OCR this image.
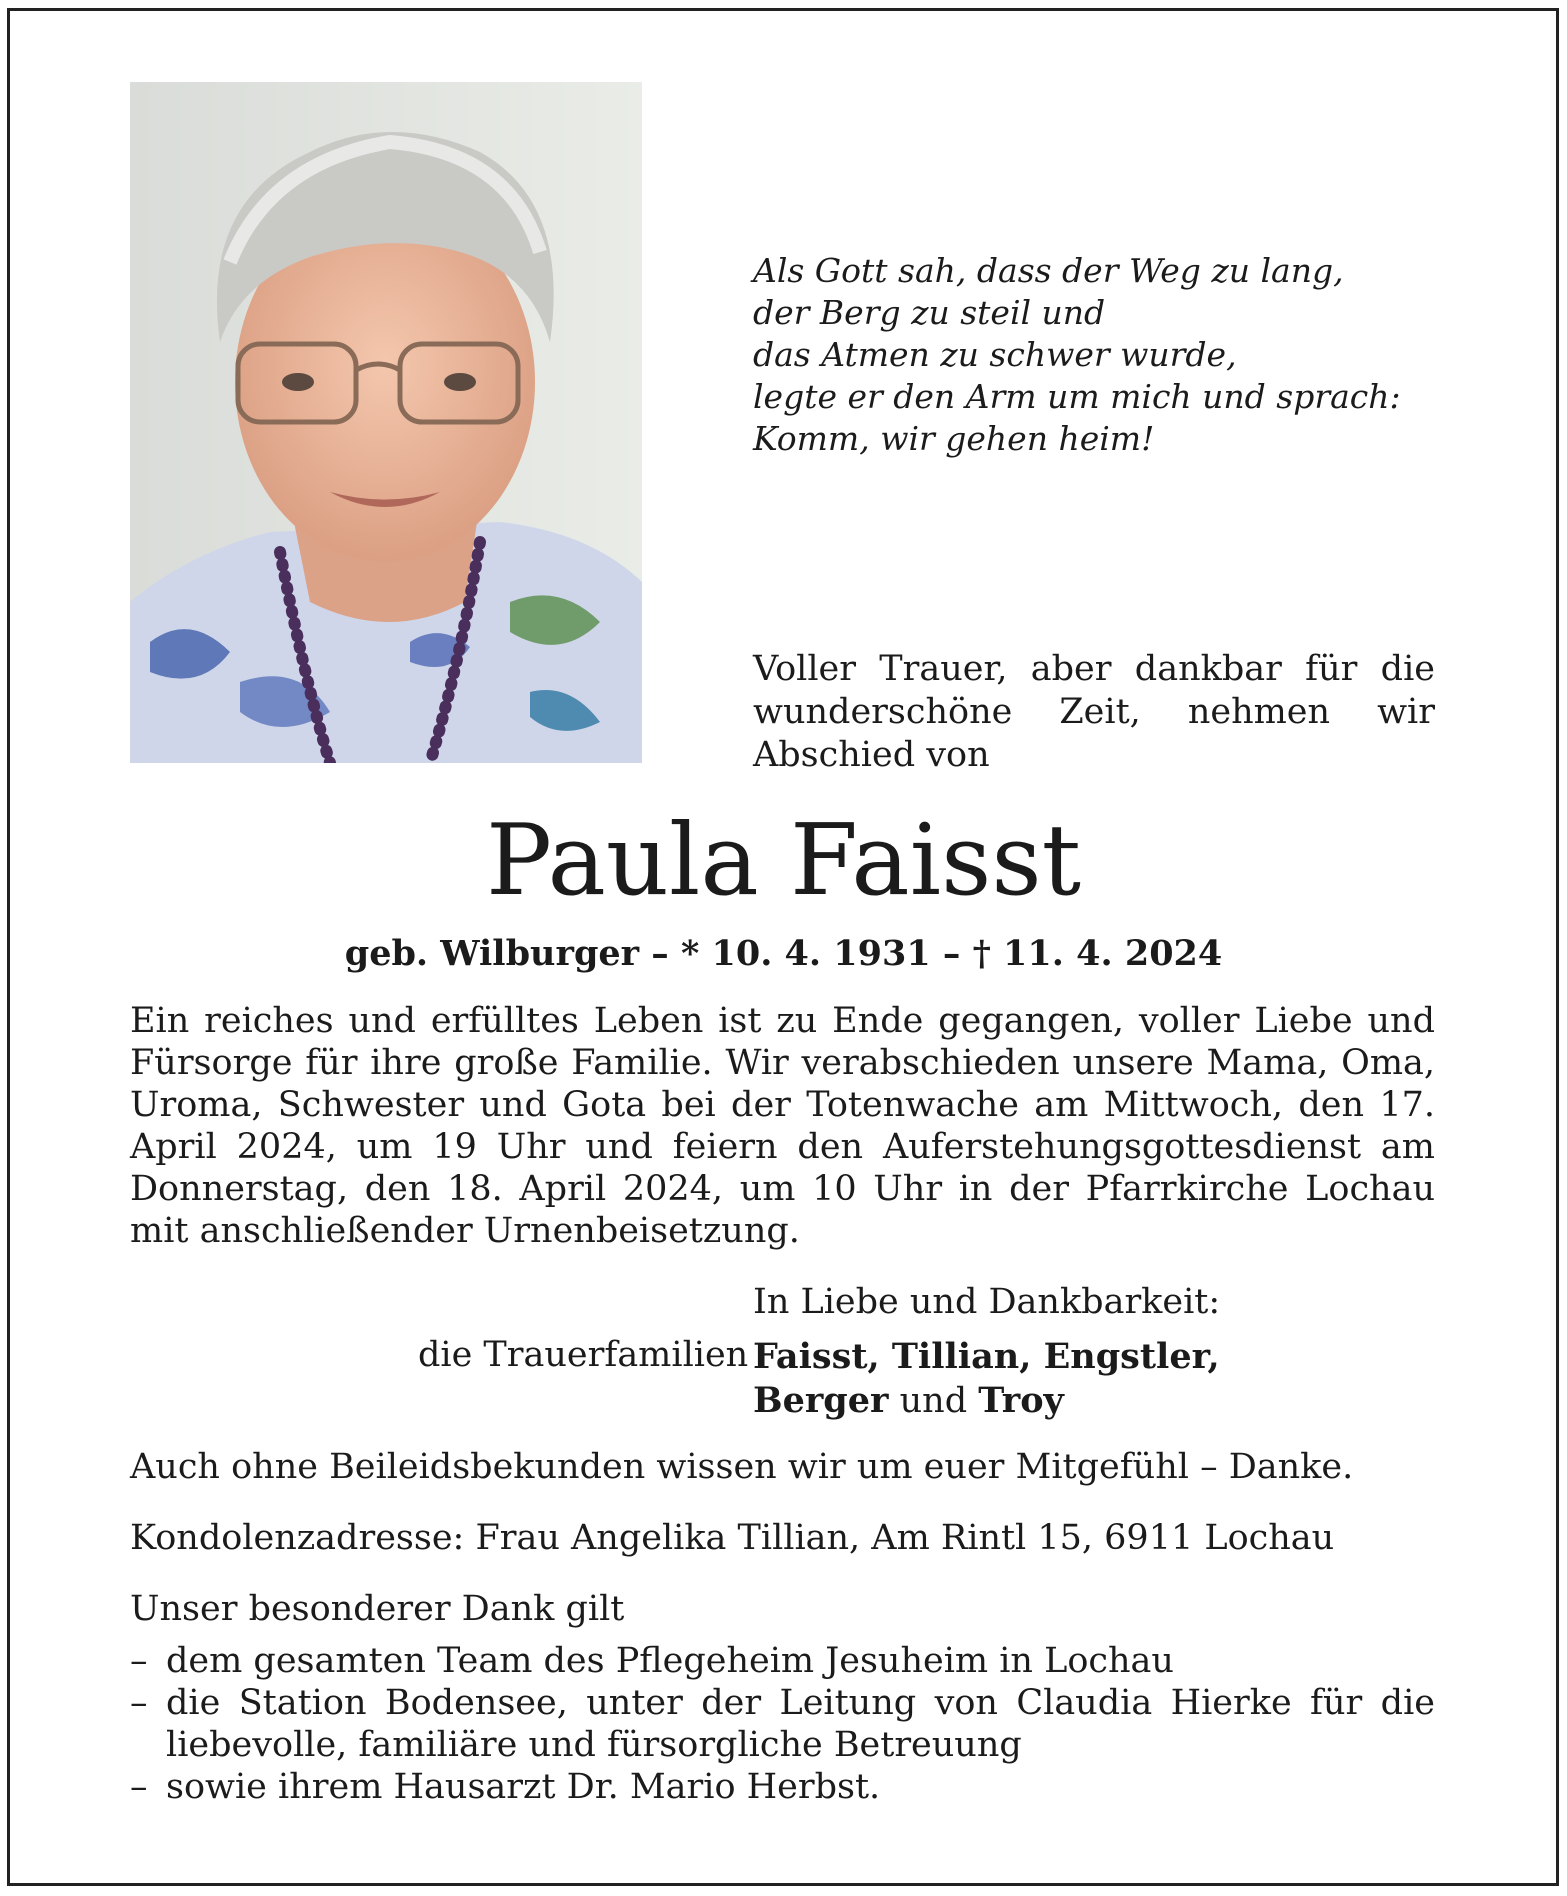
Als Gott sah, dass der Weg zu lang,
der Berg zu steil und
das Atmen zu schwer wurde,
legte er den Arm um mich und sprach:
Komm, wir gehen heim!
Voller Trauer, aber dankbar für die wunderschöne Zeit, nehmen wir Abschied von
Paula Faisst
geb. Wilburger – * 10. 4. 1931 – † 11. 4. 2024
Ein reiches und erfülltes Leben ist zu Ende gegangen, voller Liebe und Fürsorge für ihre große Familie. Wir verabschieden unsere Mama, Oma, Uroma, Schwester und Gota bei der Totenwache am Mittwoch, den 17. April 2024, um 19 Uhr und feiern den Auferstehungsgottesdienst am Donnerstag, den 18. April 2024, um 10 Uhr in der Pfarrkirche Lochau mit anschließender Urnenbeisetzung.
In Liebe und Dankbarkeit:
die Trauerfamilien Faisst, Tillian, Engstler,
Berger und Troy
Auch ohne Beileidsbekunden wissen wir um euer Mitgefühl – Danke.
Kondolenzadresse: Frau Angelika Tillian, Am Rintl 15, 6911 Lochau
Unser besonderer Dank gilt
– dem gesamten Team des Pflegeheim Jesuheim in Lochau
– die Station Bodensee, unter der Leitung von Claudia Hierke für die liebevolle, familiäre und fürsorgliche Betreuung
– sowie ihrem Hausarzt Dr. Mario Herbst.
